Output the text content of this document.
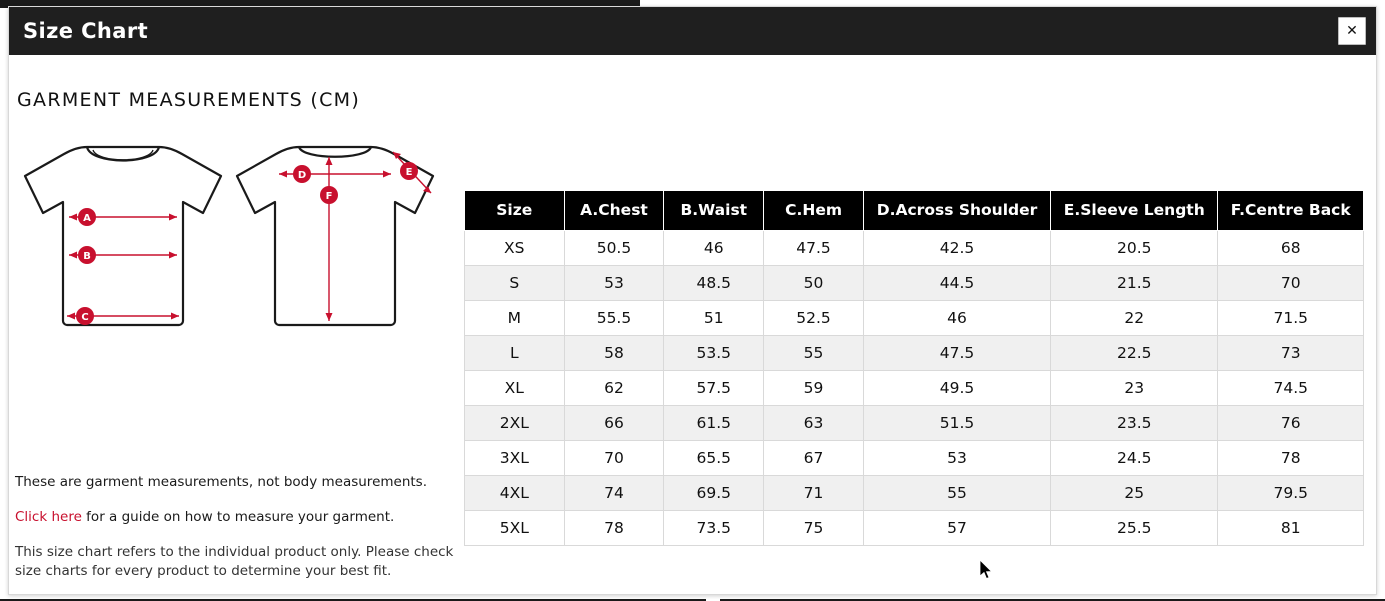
Size Chart	✕
GARMENT MEASUREMENTS (CM)
A
B
C
D	E
F

These are garment measurements, not body measurements.

Click here for a guide on how to measure your garment.

This size chart refers to the individual product only. Please check size charts for every product to determine your best fit.

Size	A.Chest	B.Waist	C.Hem	D.Across Shoulder	E.Sleeve Length	F.Centre Back
XS	50.5	46	47.5	42.5	20.5	68
S	53	48.5	50	44.5	21.5	70
M	55.5	51	52.5	46	22	71.5
L	58	53.5	55	47.5	22.5	73
XL	62	57.5	59	49.5	23	74.5
2XL	66	61.5	63	51.5	23.5	76
3XL	70	65.5	67	53	24.5	78
4XL	74	69.5	71	55	25	79.5
5XL	78	73.5	75	57	25.5	81
